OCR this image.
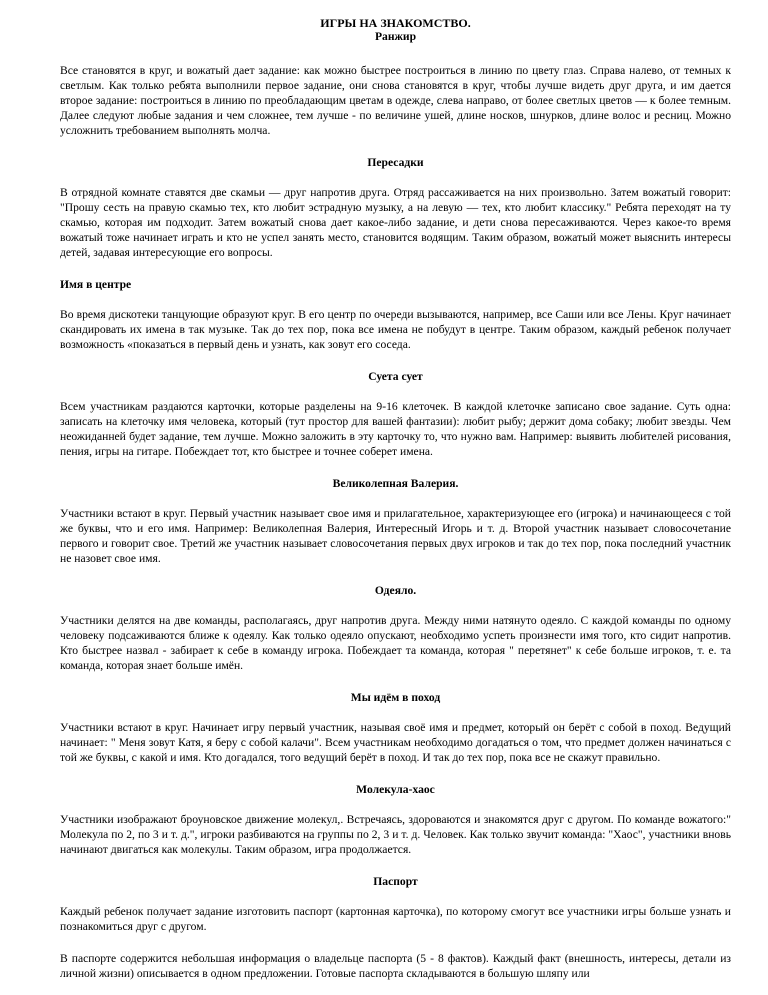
ИГРЫ НА ЗНАКОМСТВО.
Ранжир

Все становятся в круг, и вожатый дает задание: как можно быстрее построиться в линию по цвету глаз. Справа налево, от темных к светлым. Как только ребята выполнили первое задание, они снова становятся в круг, чтобы лучше видеть друг друга, и им дается второе задание: построиться в линию по преобладающим цветам в одежде, слева направо, от более светлых цветов — к более темным. Далее следуют любые задания и чем сложнее, тем лучше - по величине ушей, длине носков, шнурков, длине волос и ресниц. Можно усложнить требованием выполнять молча.

Пересадки

В отрядной комнате ставятся две скамьи — друг напротив друга. Отряд рассаживается на них произвольно. Затем вожатый говорит: "Прошу сесть на правую скамью тех, кто любит эстрадную музыку, а на левую — тех, кто любит классику." Ребята переходят на ту скамью, которая им подходит. Затем вожатый снова дает какое-либо задание, и дети снова пересаживаются. Через какое-то время вожатый тоже начинает играть и кто не успел занять место, становится водящим. Таким образом, вожатый может выяснить интересы детей, задавая интересующие его вопросы.

Имя в центре

Во время дискотеки танцующие образуют круг. В его центр по очереди вызываются, например, все Саши или все Лены. Круг начинает скандировать их имена в так музыке. Так до тех пор, пока все имена не побудут в центре. Таким образом, каждый ребенок получает возможность «показаться в первый день и узнать, как зовут его соседа.

Суета сует

Всем участникам раздаются карточки, которые разделены на 9-16 клеточек. В каждой клеточке записано свое задание. Суть одна: записать на клеточку имя человека, который (тут простор для вашей фантазии): любит рыбу; держит дома собаку; любит звезды. Чем неожиданней будет задание, тем лучше. Можно заложить в эту карточку то, что нужно вам. Например: выявить любителей рисования, пения, игры на гитаре. Побеждает тот, кто быстрее и точнее соберет имена.

Великолепная Валерия.

Участники встают в круг. Первый участник называет свое имя и прилагательное, характеризующее его (игрока) и начинающееся с той же буквы, что и его имя. Например: Великолепная Валерия, Интересный Игорь и т. д. Второй участник называет словосочетание первого и говорит свое. Третий же участник называет словосочетания первых двух игроков и так до тех пор, пока последний участник не назовет свое имя.

Одеяло.

Участники делятся на две команды, располагаясь, друг напротив друга. Между ними натянуто одеяло. С каждой команды по одному человеку подсаживаются ближе к одеялу. Как только одеяло опускают, необходимо успеть произнести имя того, кто сидит напротив. Кто быстрее назвал - забирает к себе в команду игрока. Побеждает та команда, которая " перетянет" к себе больше игроков, т. е. та команда, которая знает больше имён.

Мы идём в поход

Участники встают в круг. Начинает игру первый участник, называя своё имя и предмет, который он берёт с собой в поход. Ведущий начинает: " Меня зовут Катя, я беру с собой калачи". Всем участникам необходимо догадаться о том, что предмет должен начинаться с той же буквы, с какой и имя. Кто догадался, того ведущий берёт в поход. И так до тех пор, пока все не скажут правильно.

Молекула-хаос

Участники изображают броуновское движение молекул,. Встречаясь, здороваются и знакомятся друг с другом. По команде вожатого:" Молекула по 2, по 3 и т. д.", игроки разбиваются на группы по 2, 3 и т. д. Человек. Как только звучит команда: "Хаос", участники вновь начинают двигаться как молекулы. Таким образом, игра продолжается.

Паспорт

Каждый ребенок получает задание изготовить паспорт (картонная карточка), по которому смогут все участники игры больше узнать и познакомиться друг с другом.

В паспорте содержится небольшая информация о владельце паспорта (5 - 8 фактов). Каждый факт (внешность, интересы, детали из личной жизни) описывается в одном предложении. Готовые паспорта складываются в большую шляпу или
